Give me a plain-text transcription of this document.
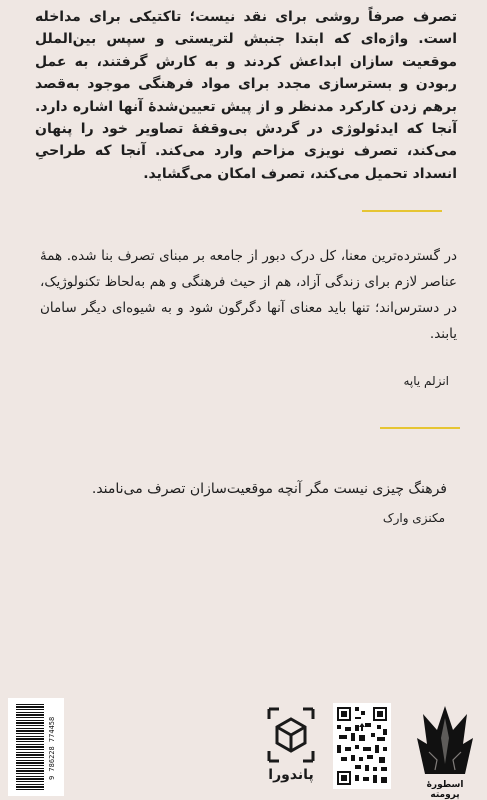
تصرف صرفاً روشی برای نقد نیست؛ تاکتیکی برای مداخله است. واژه‌ای که ابتدا جنبش لتریستی و سپس بین‌الملل موقعیت سازان ابداعش کردند و به کارش گرفتند، به عمل ربودن و بسترسازی مجدد برای مواد فرهنگی موجود به‌قصد برهم زدن کارکرد مدنظر و از پیش تعیین‌شدهٔ آنها اشاره دارد. آنجا که ایدئولوژی در گردش بی‌وقفهٔ تصاویر خود را پنهان می‌کند، تصرف نویزی مزاحم وارد می‌کند. آنجا که طراحیِ انسداد تحمیل می‌کند، تصرف امکان می‌گشاید.
در گسترده‌ترین معنا، کل درک دبور از جامعه بر مبنای تصرف بنا شده. همهٔ عناصر لازم برای زندگی آزاد، هم از حیث فرهنگی و هم به‌لحاظ تکنولوژیک، در دسترس‌اند؛ تنها باید معنای آنها دگرگون شود و به شیوه‌ای دیگر سامان یابند.
انزلم یاپه
فرهنگ چیزی نیست مگر آنچه موقعیت‌سازان تصرف می‌نامند.
مکنزی وارک
9 786228 774458	پاندورا
اسطورهٔ پرومته
